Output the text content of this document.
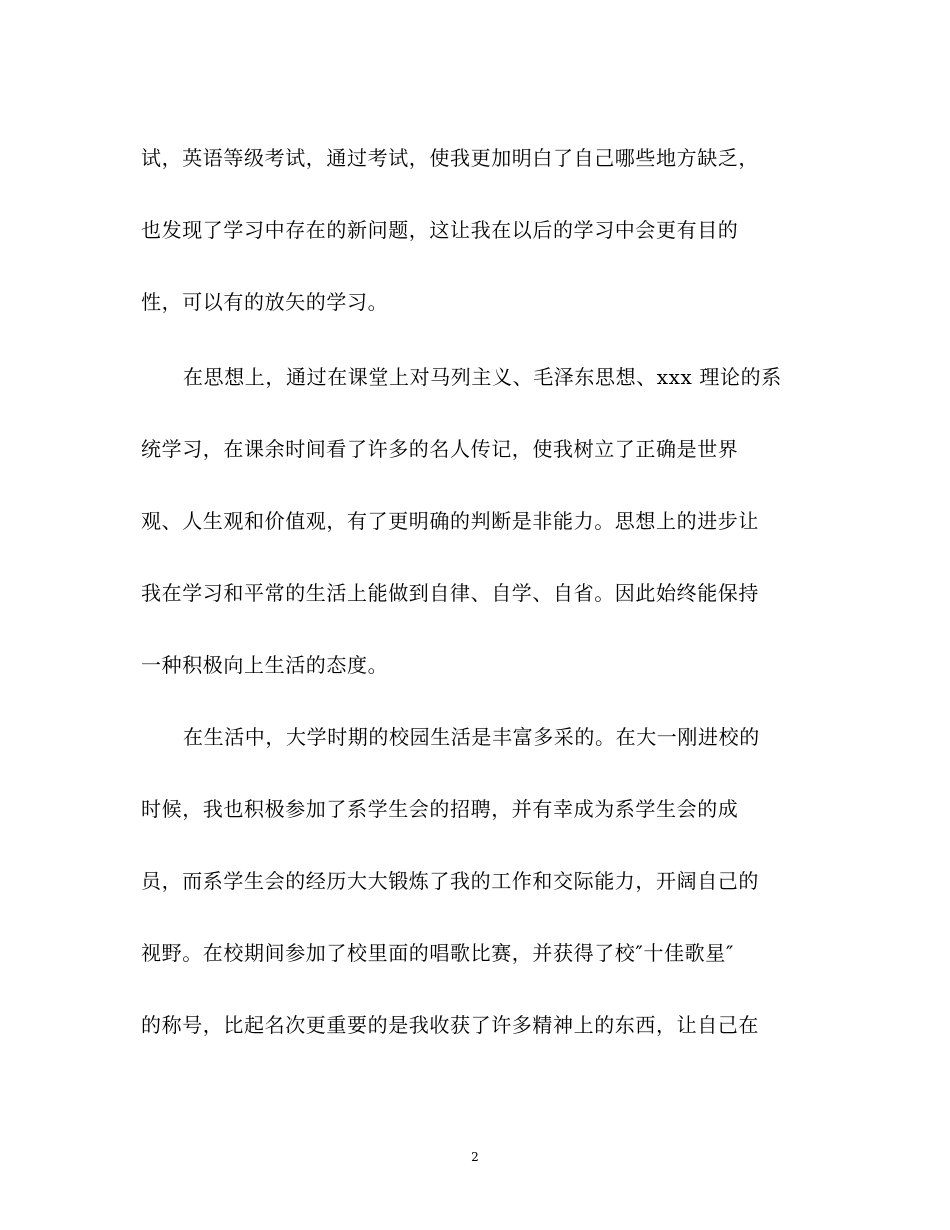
试，英语等级考试，通过考试，使我更加明白了自己哪些地方缺乏，
也发现了学习中存在的新问题，这让我在以后的学习中会更有目的
性，可以有的放矢的学习。
在思想上，通过在课堂上对马列主义、毛泽东思想、xxx 理论的系
统学习，在课余时间看了许多的名人传记，使我树立了正确是世界
观、人生观和价值观，有了更明确的判断是非能力。思想上的进步让
我在学习和平常的生活上能做到自律、自学、自省。因此始终能保持
一种积极向上生活的态度。
在生活中，大学时期的校园生活是丰富多采的。在大一刚进校的
时候，我也积极参加了系学生会的招聘，并有幸成为系学生会的成
员，而系学生会的经历大大锻炼了我的工作和交际能力，开阔自己的
视野。在校期间参加了校里面的唱歌比赛，并获得了校″十佳歌星″
的称号，比起名次更重要的是我收获了许多精神上的东西，让自己在
2
